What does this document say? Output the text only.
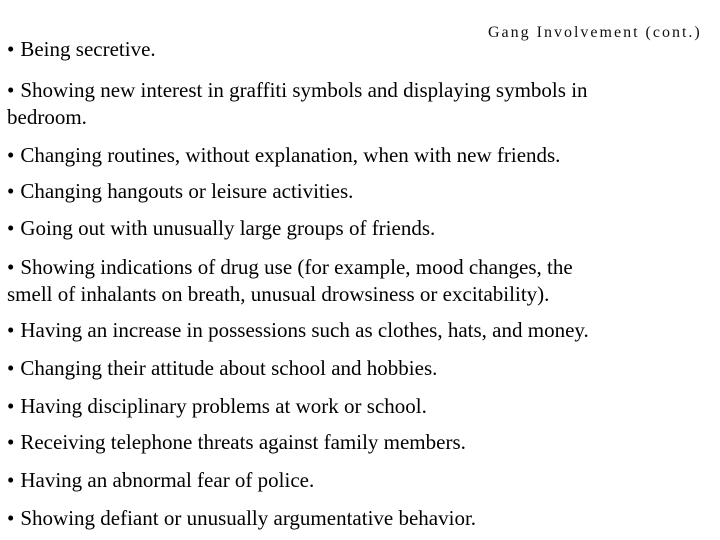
Gang Involvement (cont.)
• Being secretive.
• Showing new interest in graffiti symbols and displaying symbols in
bedroom.
• Changing routines, without explanation, when with new friends.
• Changing hangouts or leisure activities.
• Going out with unusually large groups of friends.
• Showing indications of drug use (for example, mood changes, the
smell of inhalants on breath, unusual drowsiness or excitability).
• Having an increase in possessions such as clothes, hats, and money.
• Changing their attitude about school and hobbies.
• Having disciplinary problems at work or school.
• Receiving telephone threats against family members.
• Having an abnormal fear of police.
• Showing defiant or unusually argumentative behavior.
